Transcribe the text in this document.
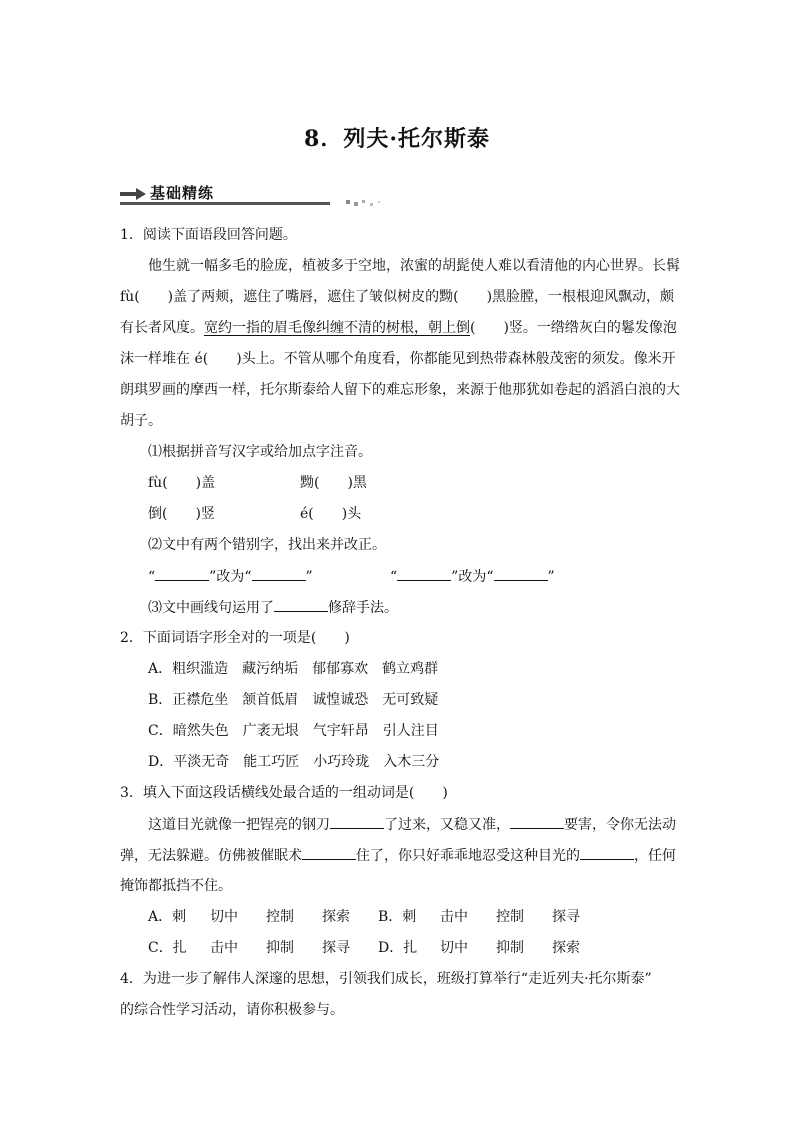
8．列夫·托尔斯泰
基础精练
1．阅读下面语段回答问题。
他生就一幅多毛的脸庞，植被多于空地，浓蜜的胡髭使人难以看清他的内心世界。长髯
fù(　　)盖了两颊，遮住了嘴唇，遮住了皱似树皮的黝(　　)黑脸膛，一根根迎风飘动，颇
有长者风度。宽约一指的眉毛像纠缠不清的树根，朝上倒(　　)竖。一绺绺灰白的鬈发像泡
沫一样堆在 é(　　)头上。不管从哪个角度看，你都能见到热带森林般茂密的须发。像米开
朗琪罗画的摩西一样，托尔斯泰给人留下的难忘形象，来源于他那犹如卷起的滔滔白浪的大
胡子。
⑴根据拼音写汉字或给加点字注音。
fù(　　)盖	黝(　　)黑
倒(　　)竖	é(　　)头
⑵文中有两个错别字，找出来并改正。
“	”改为“	”	“	”改为“	”
⑶文中画线句运用了	修辞手法。
2．下面词语字形全对的一项是(　　)
A．粗织滥造　藏污纳垢　郁郁寡欢　鹤立鸡群
B．正襟危坐　颔首低眉　诚惶诚恐　无可致疑
C．暗然失色　广袤无垠　气宇轩昂　引人注目
D．平淡无奇　能工巧匠　小巧玲珑　入木三分
3．填入下面这段话横线处最合适的一组动词是(　　)
这道目光就像一把锃亮的钢刀	了过来，又稳又准，	要害，令你无法动
弹，无法躲避。仿佛被催眠术	住了，你只好乖乖地忍受这种目光的	，任何
掩饰都抵挡不住。
A．刺 切中 控制 探索	B．刺 击中 控制 探寻
C．扎 击中 抑制 探寻	D．扎 切中 抑制 探索
4．为进一步了解伟人深邃的思想，引领我们成长，班级打算举行“走近列夫·托尔斯泰”
的综合性学习活动，请你积极参与。
